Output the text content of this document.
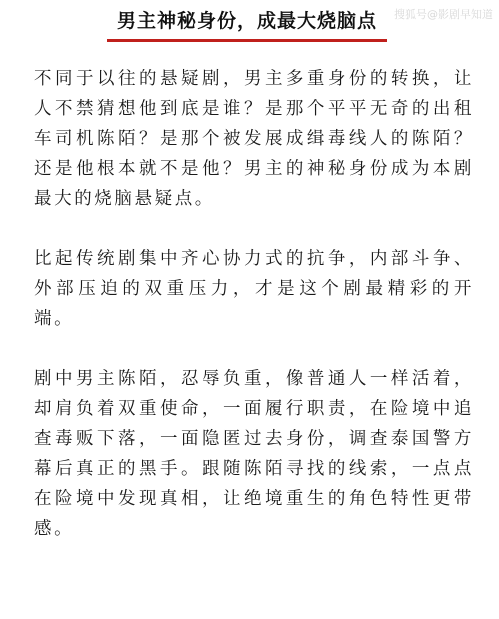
搜狐号@影剧早知道
男主神秘身份，成最大烧脑点

不同于以往的悬疑剧，男主多重身份的转换，让人不禁猜想他到底是谁？是那个平平无奇的出租车司机陈陌？是那个被发展成缉毒线人的陈陌？还是他根本就不是他？男主的神秘身份成为本剧最大的烧脑悬疑点。

比起传统剧集中齐心协力式的抗争，内部斗争、外部压迫的双重压力，才是这个剧最精彩的开端。

剧中男主陈陌，忍辱负重，像普通人一样活着，却肩负着双重使命，一面履行职责，在险境中追查毒贩下落，一面隐匿过去身份，调查泰国警方幕后真正的黑手。跟随陈陌寻找的线索，一点点在险境中发现真相，让绝境重生的角色特性更带感。
